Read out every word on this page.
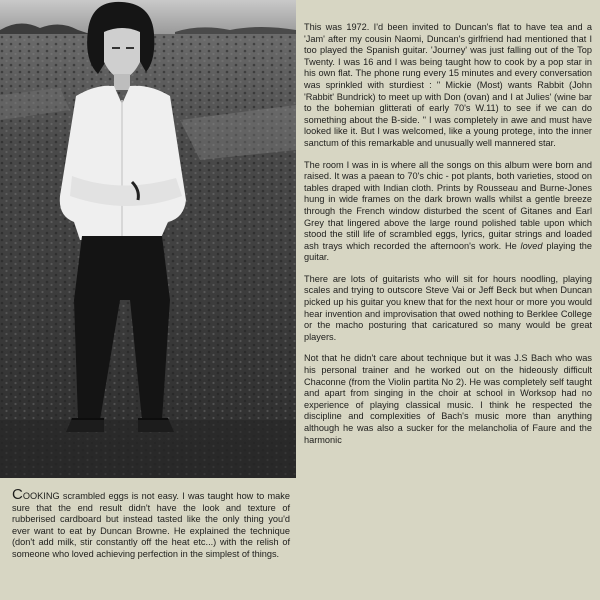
This was 1972. I'd been invited to Duncan's flat to have tea and a 'Jam' after my cousin Naomi, Duncan's girlfriend had mentioned that I too played the Spanish guitar. 'Journey' was just falling out of the Top Twenty. I was 16 and I was being taught how to cook by a pop star in his own flat. The phone rung every 15 minutes and every conversation was sprinkled with sturdiest : " Mickie (Most) wants Rabbit (John 'Rabbit' Bundrick) to meet up with Don (ovan) and I at Julies' (wine bar to the bohemian glitterati of early 70's W.11) to see if we can do something about the B-side. " I was completely in awe and must have looked like it. But I was welcomed, like a young protege, into the inner sanctum of this remarkable and unusually well mannered star.

The room I was in is where all the songs on this album were born and raised. It was a paean to 70's chic - pot plants, both varieties, stood on tables draped with Indian cloth. Prints by Rousseau and Burne-Jones hung in wide frames on the dark brown walls whilst a gentle breeze through the French window disturbed the scent of Gitanes and Earl Grey that lingered above the large round polished table upon which stood the still life of scrambled eggs, lyrics, guitar strings and loaded ash trays which recorded the afternoon's work. He loved playing the guitar.

There are lots of guitarists who will sit for hours noodling, playing scales and trying to outscore Steve Vai or Jeff Beck but when Duncan picked up his guitar you knew that for the next hour or more you would hear invention and improvisation that owed nothing to Berklee College or the macho posturing that caricatured so many would be great players.

Not that he didn't care about technique but it was J.S Bach who was his personal trainer and he worked out on the hideously difficult Chaconne (from the Violin partita No 2). He was completely self taught and apart from singing in the choir at school in Worksop had no experience of playing classical music. I think he respected the discipline and complexities of Bach's music more than anything although he was also a sucker for the melancholia of Faure and the harmonic

COOKING scrambled eggs is not easy. I was taught how to make sure that the end result didn't have the look and texture of rubberised cardboard but instead tasted like the only thing you'd ever want to eat by Duncan Browne. He explained the technique (don't add milk, stir constantly off the heat etc...) with the relish of someone who loved achieving perfection in the simplest of things.
